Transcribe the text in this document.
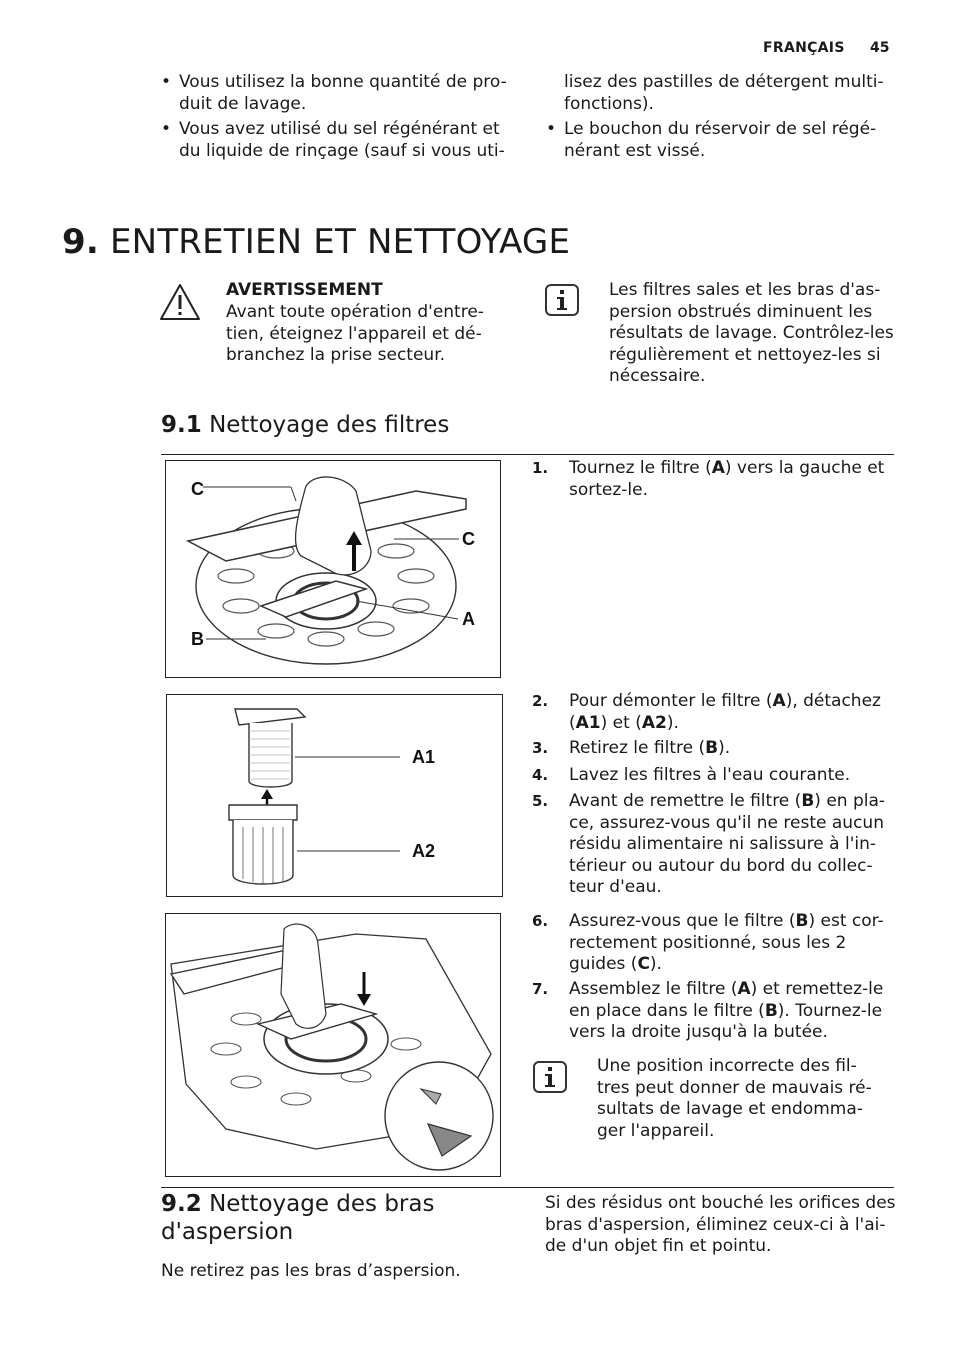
FRANÇAIS 45
• Vous utilisez la bonne quantité de pro- duit de lavage.
• Vous avez utilisé du sel régénérant et du liquide de rinçage (sauf si vous uti-
lisez des pastilles de détergent multi- fonctions).
• Le bouchon du réservoir de sel régé- nérant est vissé.
9. ENTRETIEN ET NETTOYAGE
AVERTISSEMENT
Avant toute opération d'entre- tien, éteignez l'appareil et dé- branchez la prise secteur.
Les filtres sales et les bras d'as- persion obstrués diminuent les résultats de lavage. Contrôlez-les régulièrement et nettoyez-les si nécessaire.
9.1 Nettoyage des filtres
C
C
A
B
1. Tournez le filtre (A) vers la gauche et sortez-le.
A1
A2
2. Pour démonter le filtre (A), détachez (A1) et (A2).
3. Retirez le filtre (B).
4. Lavez les filtres à l'eau courante.
5. Avant de remettre le filtre (B) en pla- ce, assurez-vous qu'il ne reste aucun résidu alimentaire ni salissure à l'in- térieur ou autour du bord du collec- teur d'eau.
6. Assurez-vous que le filtre (B) est cor- rectement positionné, sous les 2 guides (C).
7. Assemblez le filtre (A) et remettez-le en place dans le filtre (B). Tournez-le vers la droite jusqu'à la butée.
Une position incorrecte des fil- tres peut donner de mauvais ré- sultats de lavage et endomma- ger l'appareil.
9.2 Nettoyage des bras d'aspersion
Ne retirez pas les bras d’aspersion.
Si des résidus ont bouché les orifices des bras d'aspersion, éliminez ceux-ci à l'ai- de d'un objet fin et pointu.
